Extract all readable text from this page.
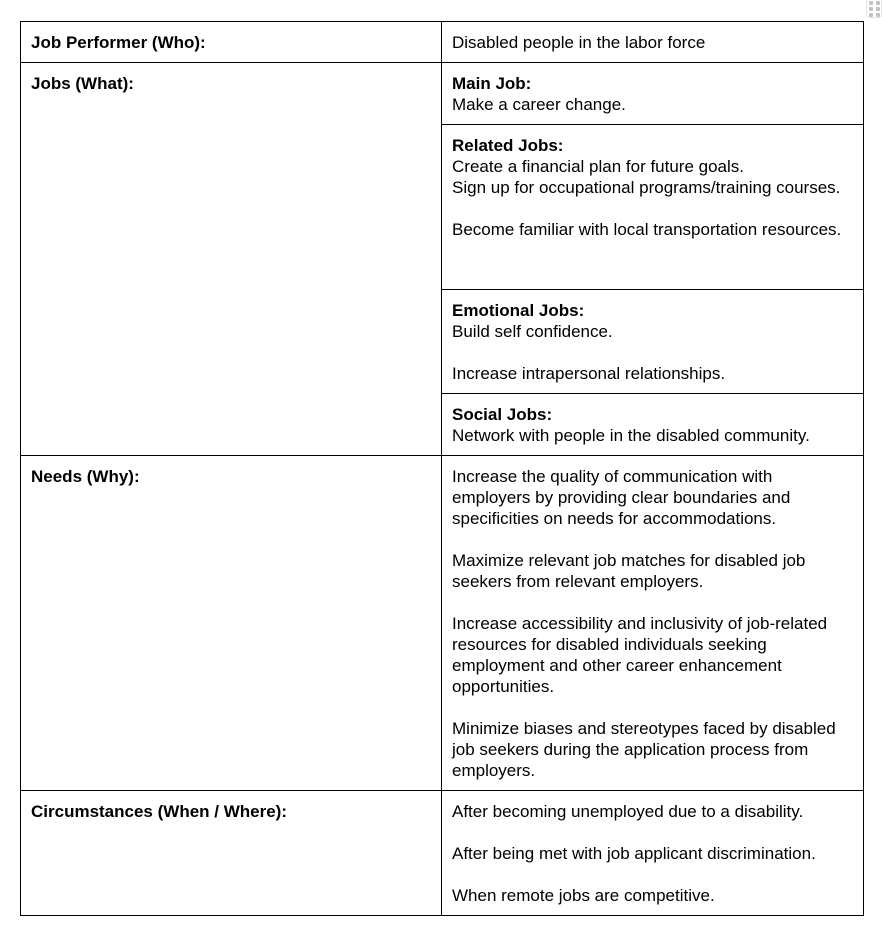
Job Performer (Who):	Disabled people in the labor force

Jobs (What):	Main Job:
Make a career change.

	Related Jobs:
Create a financial plan for future goals.
Sign up for occupational programs/training courses.
Become familiar with local transportation resources.

	Emotional Jobs:
Build self confidence.
Increase intrapersonal relationships.

	Social Jobs:
Network with people in the disabled community.

Needs (Why):	Increase the quality of communication with employers by providing clear boundaries and specificities on needs for accommodations.
Maximize relevant job matches for disabled job seekers from relevant employers.
Increase accessibility and inclusivity of job-related resources for disabled individuals seeking employment and other career enhancement opportunities.
Minimize biases and stereotypes faced by disabled job seekers during the application process from employers.

Circumstances (When / Where):	After becoming unemployed due to a disability.
After being met with job applicant discrimination.
When remote jobs are competitive.
